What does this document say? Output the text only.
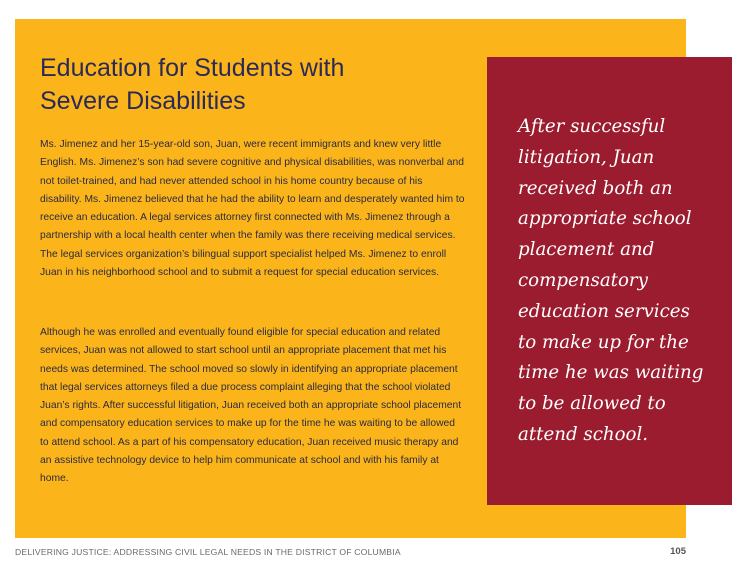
Education for Students with
Severe Disabilities

Ms. Jimenez and her 15-year-old son, Juan, were recent immigrants and knew very little English. Ms. Jimenez’s son had severe cognitive and physical disabilities, was nonverbal and not toilet-trained, and had never attended school in his home country because of his disability. Ms. Jimenez believed that he had the ability to learn and desperately wanted him to receive an education. A legal services attorney first connected with Ms. Jimenez through a partnership with a local health center when the family was there receiving medical services. The legal services organization’s bilingual support specialist helped Ms. Jimenez to enroll Juan in his neighborhood school and to submit a request for special education services.

Although he was enrolled and eventually found eligible for special education and related services, Juan was not allowed to start school until an appropriate placement that met his needs was determined. The school moved so slowly in identifying an appropriate placement that legal services attorneys filed a due process complaint alleging that the school violated Juan’s rights. After successful litigation, Juan received both an appropriate school placement and compensatory education services to make up for the time he was waiting to be allowed to attend school. As a part of his compensatory education, Juan received music therapy and an assistive technology device to help him communicate at school and with his family at home.

After successful
litigation, Juan
received both an
appropriate school
placement and
compensatory
education services
to make up for the
time he was waiting
to be allowed to
attend school.

DELIVERING JUSTICE: ADDRESSING CIVIL LEGAL NEEDS IN THE DISTRICT OF COLUMBIA	105
